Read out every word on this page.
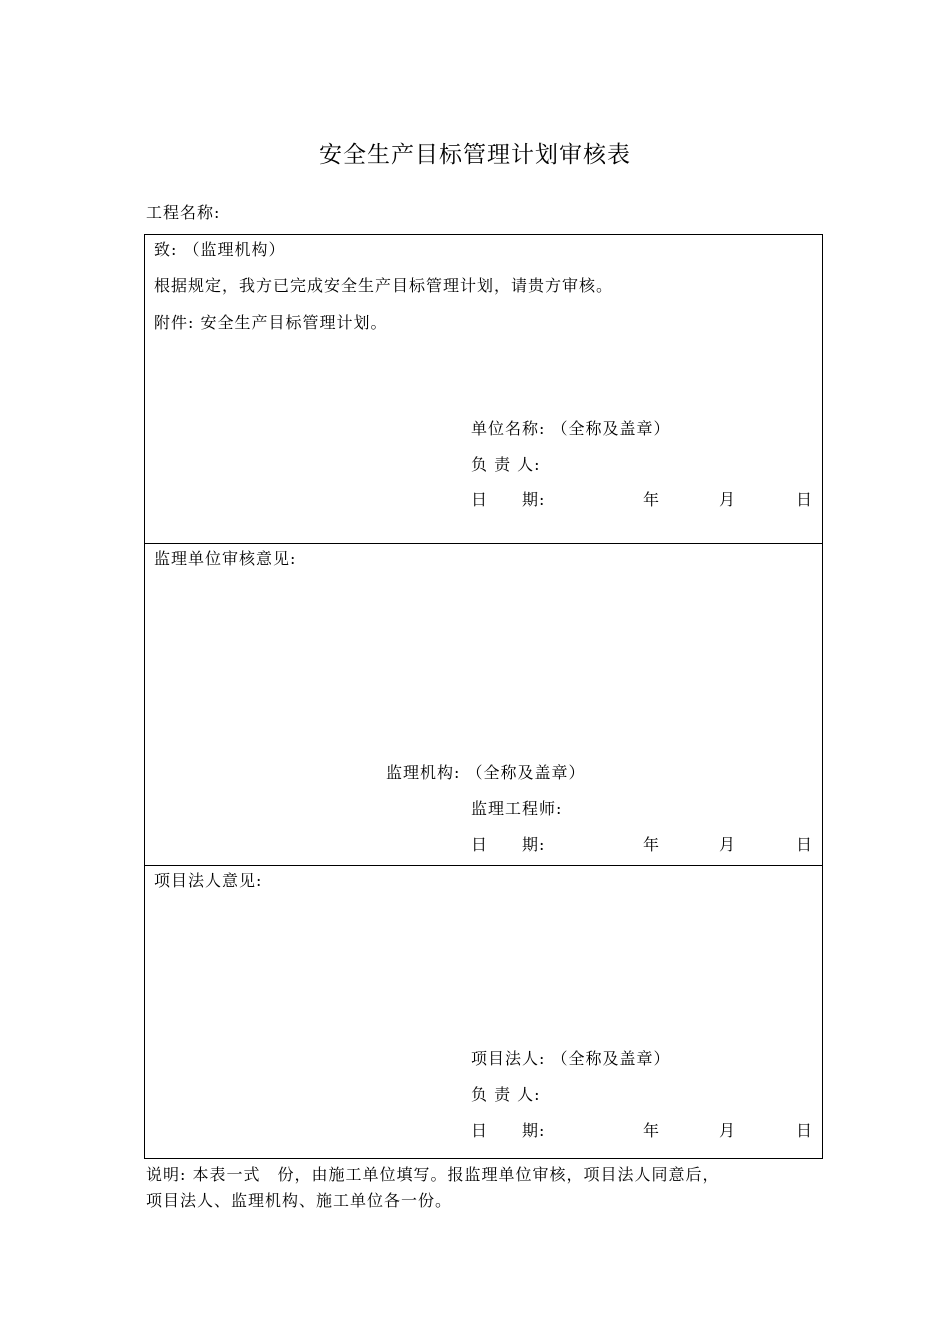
安全生产目标管理计划审核表
工程名称:
致: （监理机构）
根据规定，我方已完成安全生产目标管理计划，请贵方审核。
附件: 安全生产目标管理计划。
单位名称: （全称及盖章）
负 责 人:
日　　期:	年	月	日
监理单位审核意见:
监理机构: （全称及盖章）
监理工程师:
日　　期:	年	月	日
项目法人意见:
项目法人: （全称及盖章）
负 责 人:
日　　期:	年	月	日
说明: 本表一式　份，由施工单位填写。报监理单位审核，项目法人同意后，
项目法人、监理机构、施工单位各一份。
